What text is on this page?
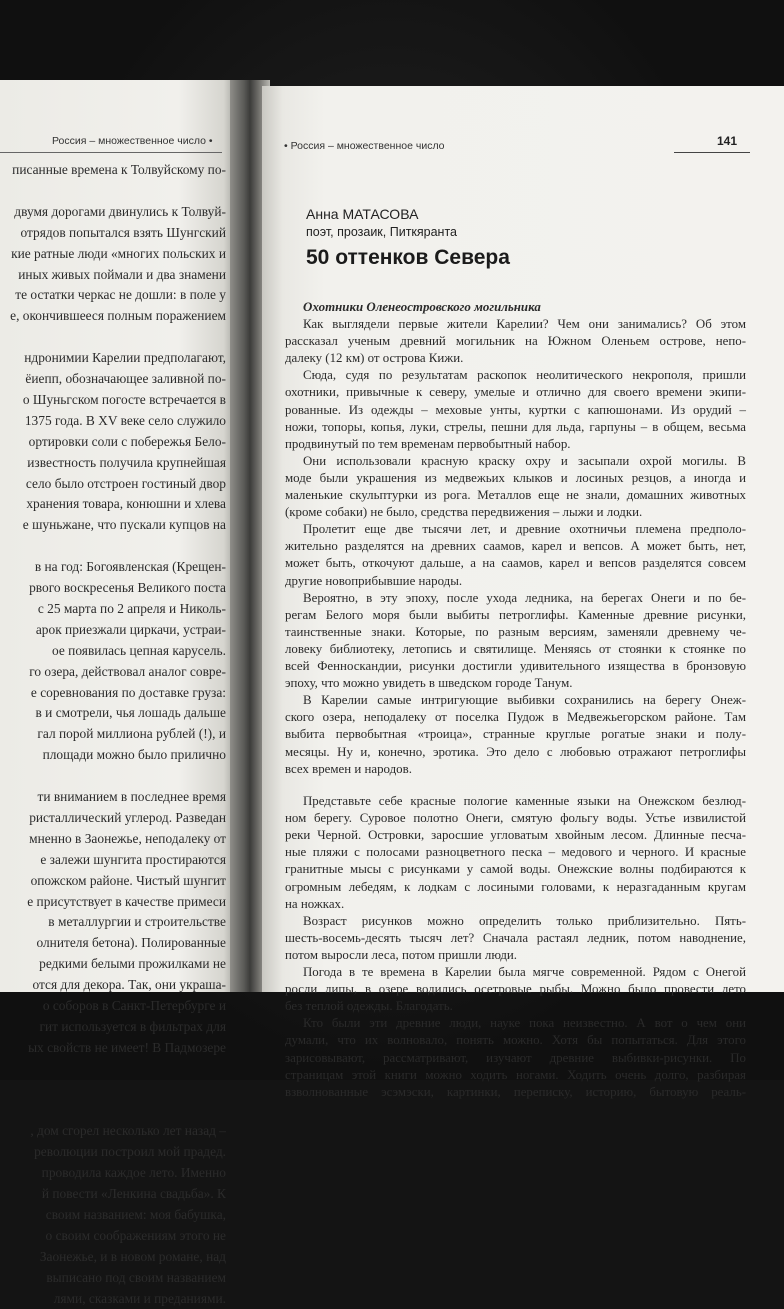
Россия – множественное число •
писанные времена к Толвуйскому по-
двумя дорогами двинулись к Толвуй-
отрядов попытался взять Шунгский
кие ратные люди «многих польских и
иных живых поймали и два знамени
те остатки черкас не дошли: в поле у
е, окончившееся полным поражением
ндронимии Карелии предполагают,
ёиепп, обозначающее заливной по-
о Шуньгском погосте встречается в
1375 года. В XV веке село служило
ортировки соли с побережья Бело-
известность получила крупнейшая
село было отстроен гостиный двор
хранения товара, конюшни и хлева
е шуньжане, что пускали купцов на
в на год: Богоявленская (Крещен-
рвого воскресенья Великого поста
с 25 марта по 2 апреля и Николь-
арок приезжали циркачи, устраи-
ое появилась цепная карусель.
го озера, действовал аналог совре-
е соревнования по доставке груза:
в и смотрели, чья лошадь дальше
гал порой миллиона рублей (!), и
площади можно было прилично
ти вниманием в последнее время
ристаллический углерод. Разведан
мненно в Заонежье, неподалеку от
е залежи шунгита простираются
опожском районе. Чистый шунгит
е присутствует в качестве примеси
в металлургии и строительстве
олнителя бетона). Полированные
редкими белыми прожилками не
отся для декора. Так, они украша-
о соборов в Санкт-Петербурге и
гит используется в фильтрах для
ых свойств не имеет! В Падмозере
, дом сгорел несколько лет назад –
революции построил мой прадед.
проводила каждое лето. Именно
й повести «Ленкина свадьба». К
своим названием: моя бабушка,
о своим соображениям этого не
Заонежье, и в новом романе, над
выписано под своим названием
лями, сказками и преданиями.
• Россия – множественное число	141
Анна МАТАСОВА
поэт, прозаик, Питкяранта
50 оттенков Севера
Охотники Оленеостровского могильника
Как выглядели первые жители Карелии? Чем они занимались? Об этом
рассказал ученым древний могильник на Южном Оленьем острове, непо-
далеку (12 км) от острова Кижи.
Сюда, судя по результатам раскопок неолитического некрополя, пришли
охотники, привычные к северу, умелые и отлично для своего времени экипи-
рованные. Из одежды – меховые унты, куртки с капюшонами. Из орудий –
ножи, топоры, копья, луки, стрелы, пешни для льда, гарпуны – в общем, весьма
продвинутый по тем временам первобытный набор.
Они использовали красную краску охру и засыпали охрой могилы. В
моде были украшения из медвежьих клыков и лосиных резцов, а иногда и
маленькие скульптурки из рога. Металлов еще не знали, домашних животных
(кроме собаки) не было, средства передвижения – лыжи и лодки.
Пролетит еще две тысячи лет, и древние охотничьи племена предполо-
жительно разделятся на древних саамов, карел и вепсов. А может быть, нет,
может быть, откочуют дальше, а на саамов, карел и вепсов разделятся совсем
другие новоприбывшие народы.
Вероятно, в эту эпоху, после ухода ледника, на берегах Онеги и по бе-
регам Белого моря были выбиты петроглифы. Каменные древние рисунки,
таинственные знаки. Которые, по разным версиям, заменяли древнему че-
ловеку библиотеку, летопись и святилище. Меняясь от стоянки к стоянке по
всей Фенноскандии, рисунки достигли удивительного изящества в бронзовую
эпоху, что можно увидеть в шведском городе Танум.
В Карелии самые интригующие выбивки сохранились на берегу Онеж-
ского озера, неподалеку от поселка Пудож в Медвежьегорском районе. Там
выбита первобытная «троица», странные круглые рогатые знаки и полу-
месяцы. Ну и, конечно, эротика. Это дело с любовью отражают петроглифы
всех времен и народов.
Представьте себе красные пологие каменные языки на Онежском безлюд-
ном берегу. Суровое полотно Онеги, смятую фольгу воды. Устье извилистой
реки Черной. Островки, заросшие угловатым хвойным лесом. Длинные песча-
ные пляжи с полосами разноцветного песка – медового и черного. И красные
гранитные мысы с рисунками у самой воды. Онежские волны подбираются к
огромным лебедям, к лодкам с лосиными головами, к неразгаданным кругам
на ножках.
Возраст рисунков можно определить только приблизительно. Пять-
шесть-восемь-десять тысяч лет? Сначала растаял ледник, потом наводнение,
потом выросли леса, потом пришли люди.
Погода в те времена в Карелии была мягче современной. Рядом с Онегой
росли липы, в озере водились осетровые рыбы. Можно было провести лето
без теплой одежды. Благодать.
Кто были эти древние люди, науке пока неизвестно. А вот о чем они
думали, что их волновало, понять можно. Хотя бы попытаться. Для этого
зарисовывают, рассматривают, изучают древние выбивки-рисунки. По
страницам этой книги можно ходить ногами. Ходить очень долго, разбирая
взволнованные эсэмэски, картинки, переписку, историю, бытовую реаль-
